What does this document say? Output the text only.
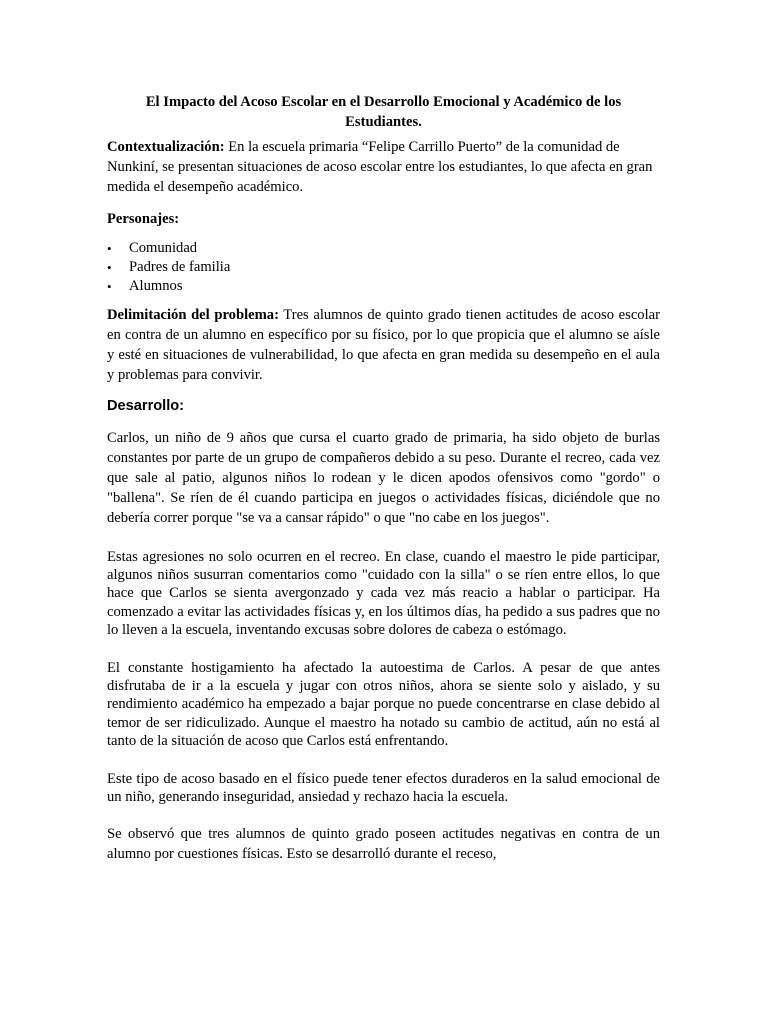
El Impacto del Acoso Escolar en el Desarrollo Emocional y Académico de los Estudiantes.

Contextualización: En la escuela primaria “Felipe Carrillo Puerto” de la comunidad de Nunkiní, se presentan situaciones de acoso escolar entre los estudiantes, lo que afecta en gran medida el desempeño académico.

Personajes:

• Comunidad
• Padres de familia
• Alumnos

Delimitación del problema: Tres alumnos de quinto grado tienen actitudes de acoso escolar en contra de un alumno en específico por su físico, por lo que propicia que el alumno se aísle y esté en situaciones de vulnerabilidad, lo que afecta en gran medida su desempeño en el aula y problemas para convivir.

Desarrollo:

Carlos, un niño de 9 años que cursa el cuarto grado de primaria, ha sido objeto de burlas constantes por parte de un grupo de compañeros debido a su peso. Durante el recreo, cada vez que sale al patio, algunos niños lo rodean y le dicen apodos ofensivos como "gordo" o "ballena". Se ríen de él cuando participa en juegos o actividades físicas, diciéndole que no debería correr porque "se va a cansar rápido" o que "no cabe en los juegos".

Estas agresiones no solo ocurren en el recreo. En clase, cuando el maestro le pide participar, algunos niños susurran comentarios como "cuidado con la silla" o se ríen entre ellos, lo que hace que Carlos se sienta avergonzado y cada vez más reacio a hablar o participar. Ha comenzado a evitar las actividades físicas y, en los últimos días, ha pedido a sus padres que no lo lleven a la escuela, inventando excusas sobre dolores de cabeza o estómago.

El constante hostigamiento ha afectado la autoestima de Carlos. A pesar de que antes disfrutaba de ir a la escuela y jugar con otros niños, ahora se siente solo y aislado, y su rendimiento académico ha empezado a bajar porque no puede concentrarse en clase debido al temor de ser ridiculizado. Aunque el maestro ha notado su cambio de actitud, aún no está al tanto de la situación de acoso que Carlos está enfrentando.

Este tipo de acoso basado en el físico puede tener efectos duraderos en la salud emocional de un niño, generando inseguridad, ansiedad y rechazo hacia la escuela.

Se observó que tres alumnos de quinto grado poseen actitudes negativas en contra de un alumno por cuestiones físicas. Esto se desarrolló durante el receso,
